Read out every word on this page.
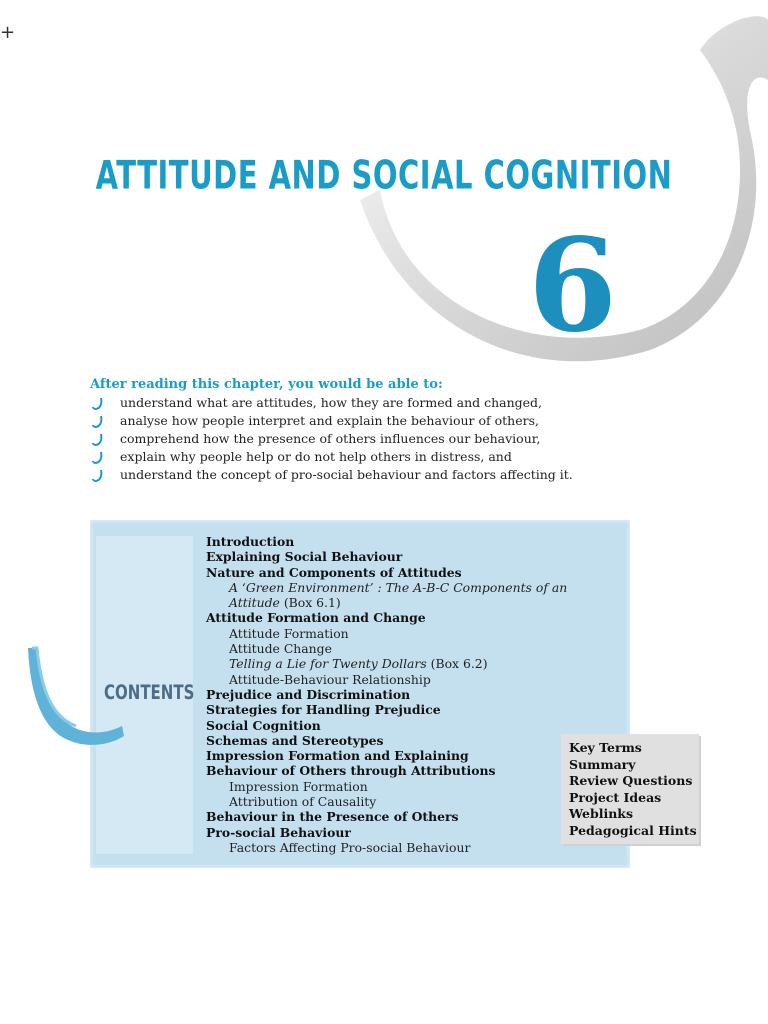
+
ATTITUDE AND SOCIAL COGNITION
6
After reading this chapter, you would be able to:
understand what are attitudes, how they are formed and changed,
analyse how people interpret and explain the behaviour of others,
comprehend how the presence of others influences our behaviour,
explain why people help or do not help others in distress, and
understand the concept of pro-social behaviour and factors affecting it.
CONTENTS
Introduction
Explaining Social Behaviour
Nature and Components of Attitudes
A ‘Green Environment’ : The A-B-C Components of an
Attitude (Box 6.1)
Attitude Formation and Change
Attitude Formation
Attitude Change
Telling a Lie for Twenty Dollars (Box 6.2)
Attitude-Behaviour Relationship
Prejudice and Discrimination
Strategies for Handling Prejudice
Social Cognition
Schemas and Stereotypes
Impression Formation and Explaining
Behaviour of Others through Attributions
Impression Formation
Attribution of Causality
Behaviour in the Presence of Others
Pro-social Behaviour
Factors Affecting Pro-social Behaviour
Key Terms
Summary
Review Questions
Project Ideas
Weblinks
Pedagogical Hints
